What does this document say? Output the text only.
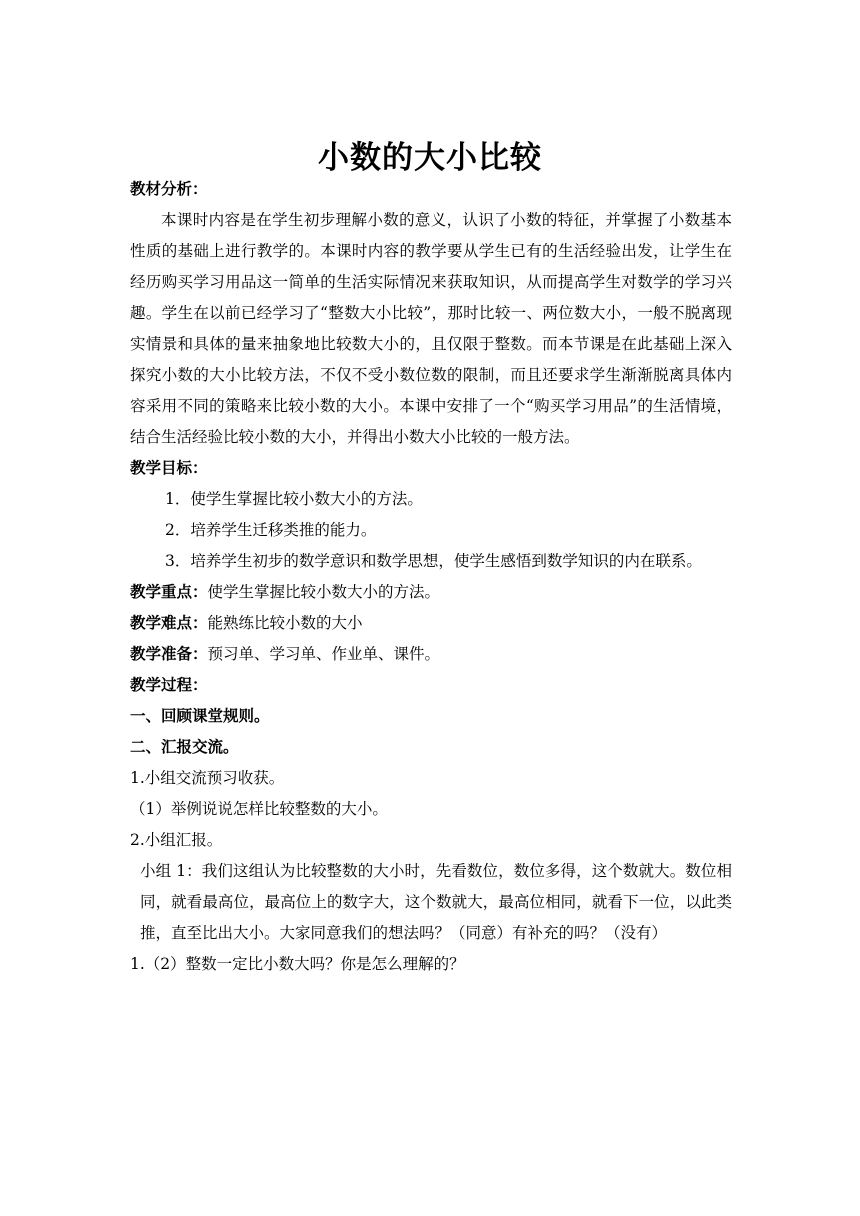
小数的大小比较
教材分析：
本课时内容是在学生初步理解小数的意义，认识了小数的特征，并掌握了小数基本性质的基础上进行教学的。本课时内容的教学要从学生已有的生活经验出发，让学生在经历购买学习用品这一简单的生活实际情况来获取知识，从而提高学生对数学的学习兴趣。学生在以前已经学习了“整数大小比较”，那时比较一、两位数大小，一般不脱离现实情景和具体的量来抽象地比较数大小的，且仅限于整数。而本节课是在此基础上深入探究小数的大小比较方法，不仅不受小数位数的限制，而且还要求学生渐渐脱离具体内容采用不同的策略来比较小数的大小。本课中安排了一个“购买学习用品”的生活情境，结合生活经验比较小数的大小，并得出小数大小比较的一般方法。
教学目标：
1．使学生掌握比较小数大小的方法。
2．培养学生迁移类推的能力。
3．培养学生初步的数学意识和数学思想，使学生感悟到数学知识的内在联系。
教学重点：使学生掌握比较小数大小的方法。
教学难点：能熟练比较小数的大小
教学准备：预习单、学习单、作业单、课件。
教学过程：
一、回顾课堂规则。
二、汇报交流。
1.小组交流预习收获。
（1）举例说说怎样比较整数的大小。
2.小组汇报。
小组 1：我们这组认为比较整数的大小时，先看数位，数位多得，这个数就大。数位相同，就看最高位，最高位上的数字大，这个数就大，最高位相同，就看下一位，以此类推，直至比出大小。大家同意我们的想法吗？（同意）有补充的吗？（没有）
1.（2）整数一定比小数大吗？你是怎么理解的？
